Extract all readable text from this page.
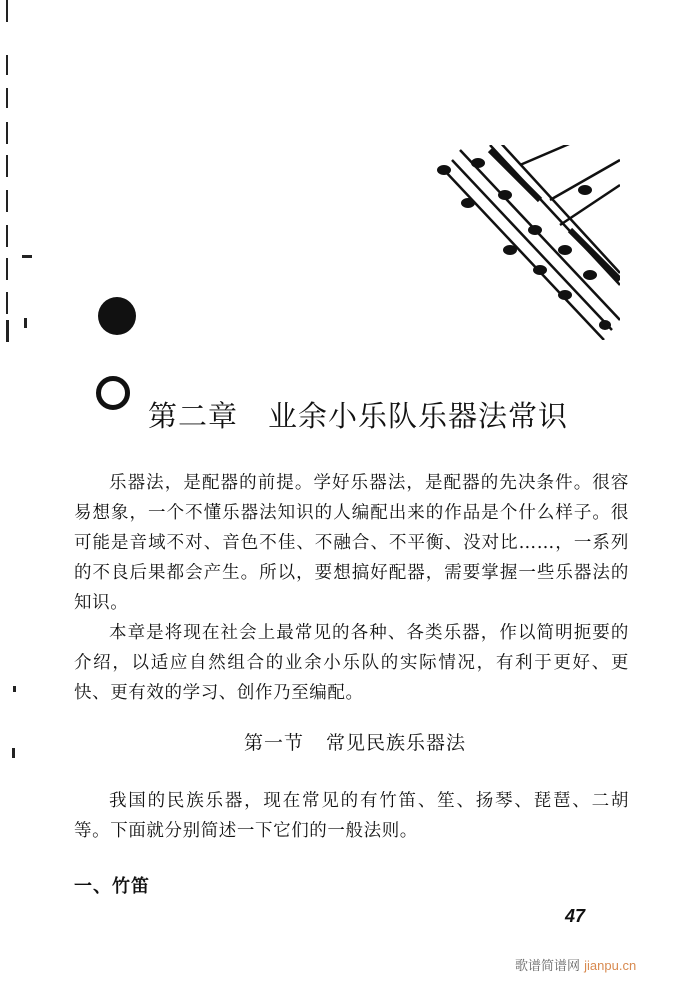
第二章 业余小乐队乐器法常识

乐器法，是配器的前提。学好乐器法，是配器的先决条件。很容易想象，一个不懂乐器法知识的人编配出来的作品是个什么样子。很可能是音域不对、音色不佳、不融合、不平衡、没对比……，一系列的不良后果都会产生。所以，要想搞好配器，需要掌握一些乐器法的知识。

本章是将现在社会上最常见的各种、各类乐器，作以简明扼要的介绍，以适应自然组合的业余小乐队的实际情况，有利于更好、更快、更有效的学习、创作乃至编配。

第一节 常见民族乐器法

我国的民族乐器，现在常见的有竹笛、笙、扬琴、琵琶、二胡等。下面就分别简述一下它们的一般法则。

一、竹笛
47
歌谱简谱网 jianpu.cn
